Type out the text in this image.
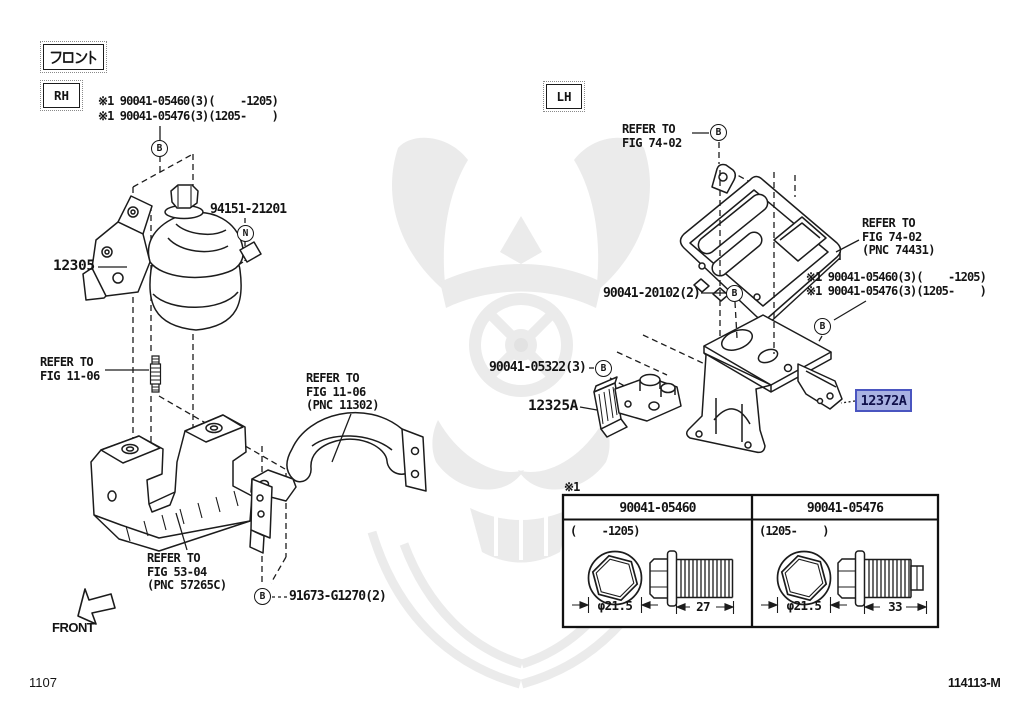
RH	LH
※1 90041-05460(3)(    -1205)
※1 90041-05476(3)(1205-    )
94151-21201
12305
REFER TO
FIG 11-06	REFER TO
FIG 11-06
(PNC 11302)
REFER TO
FIG 53-04
(PNC 57265C)
91673-G1270(2)
FRONT
REFER TO
FIG 74-02
REFER TO
FIG 74-02
(PNC 74431)
※1 90041-05460(3)(    -1205)
※1 90041-05476(3)(1205-    )
90041-20102(2)
90041-05322(3)
12325A	12372A
B
N
B
B
B
B
B
※1
90041-05460	90041-05476
(    -1205)	(1205-    )
φ21.5	27	φ21.5	33
1107	114113-M
